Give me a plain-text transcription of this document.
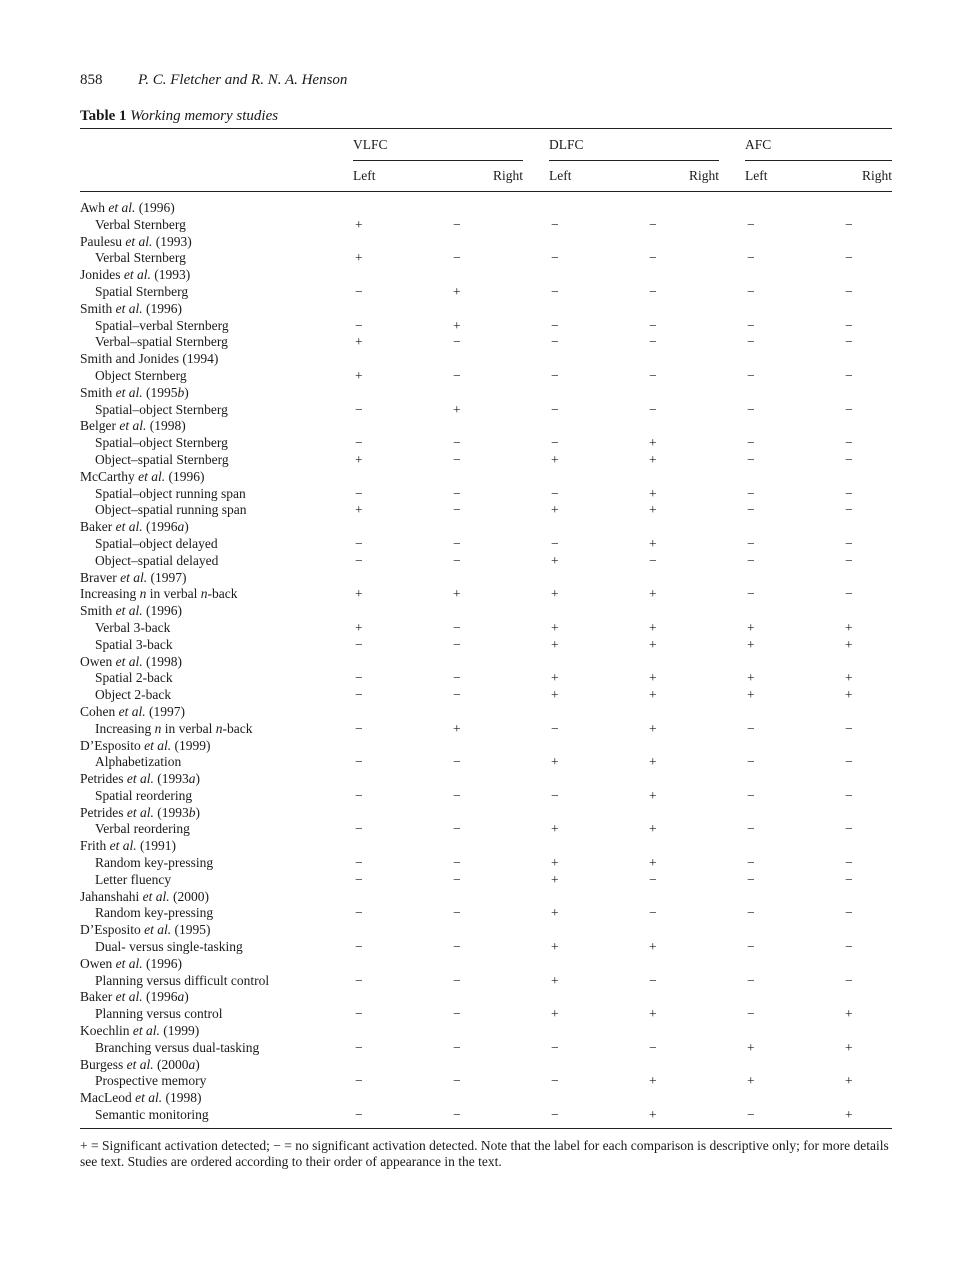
858 P. C. Fletcher and R. N. A. Henson
Table 1 Working memory studies

	VLFC		DLFC		AFC	

	Left	Right	Left	Right	Left	Right

Awh et al. (1996)						
Verbal Sternberg	+	−	−	−	−	−
Paulesu et al. (1993)						
Verbal Sternberg	+	−	−	−	−	−
Jonides et al. (1993)						
Spatial Sternberg	−	+	−	−	−	−
Smith et al. (1996)						
Spatial–verbal Sternberg	−	+	−	−	−	−
Verbal–spatial Sternberg	+	−	−	−	−	−
Smith and Jonides (1994)						
Object Sternberg	+	−	−	−	−	−
Smith et al. (1995b)						
Spatial–object Sternberg	−	+	−	−	−	−
Belger et al. (1998)						
Spatial–object Sternberg	−	−	−	+	−	−
Object–spatial Sternberg	+	−	+	+	−	−
McCarthy et al. (1996)						
Spatial–object running span	−	−	−	+	−	−
Object–spatial running span	+	−	+	+	−	−
Baker et al. (1996a)						
Spatial–object delayed	−	−	−	+	−	−
Object–spatial delayed	−	−	+	−	−	−
Braver et al. (1997)						
Increasing n in verbal n-back	+	+	+	+	−	−
Smith et al. (1996)						
Verbal 3-back	+	−	+	+	+	+
Spatial 3-back	−	−	+	+	+	+
Owen et al. (1998)						
Spatial 2-back	−	−	+	+	+	+
Object 2-back	−	−	+	+	+	+
Cohen et al. (1997)						
Increasing n in verbal n-back	−	+	−	+	−	−
D’Esposito et al. (1999)						
Alphabetization	−	−	+	+	−	−
Petrides et al. (1993a)						
Spatial reordering	−	−	−	+	−	−
Petrides et al. (1993b)						
Verbal reordering	−	−	+	+	−	−
Frith et al. (1991)						
Random key-pressing	−	−	+	+	−	−
Letter fluency	−	−	+	−	−	−
Jahanshahi et al. (2000)						
Random key-pressing	−	−	+	−	−	−
D’Esposito et al. (1995)						
Dual- versus single-tasking	−	−	+	+	−	−
Owen et al. (1996)						
Planning versus difficult control	−	−	+	−	−	−
Baker et al. (1996a)						
Planning versus control	−	−	+	+	−	+
Koechlin et al. (1999)						
Branching versus dual-tasking	−	−	−	−	+	+
Burgess et al. (2000a)						
Prospective memory	−	−	−	+	+	+
MacLeod et al. (1998)						
Semantic monitoring	−	−	−	+	−	+

+ = Significant activation detected; − = no significant activation detected. Note that the label for each comparison is descriptive only; for more details see text. Studies are ordered according to their order of appearance in the text.
